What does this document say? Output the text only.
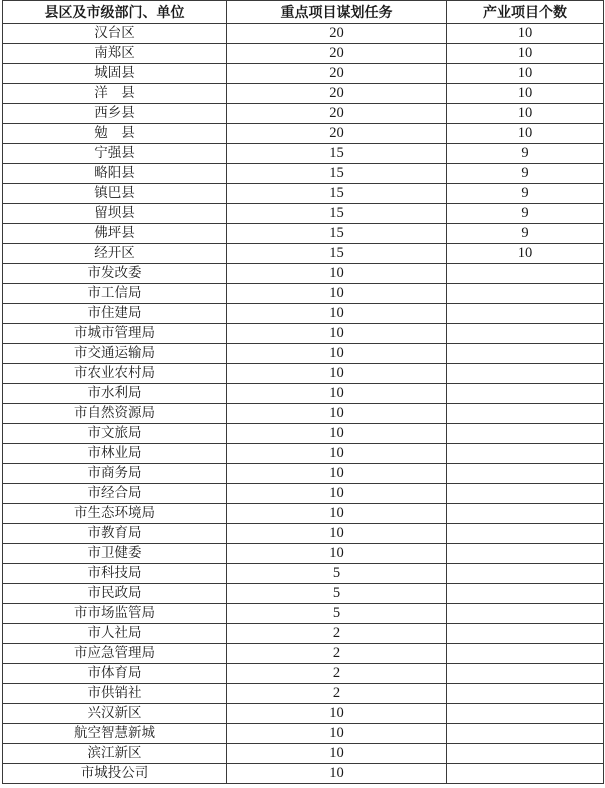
县区及市级部门、单位	重点项目谋划任务	产业项目个数
汉台区	20	10
南郑区	20	10
城固县	20	10
洋　县	20	10
西乡县	20	10
勉　县	20	10
宁强县	15	9
略阳县	15	9
镇巴县	15	9
留坝县	15	9
佛坪县	15	9
经开区	15	10
市发改委	10	
市工信局	10	
市住建局	10	
市城市管理局	10	
市交通运输局	10	
市农业农村局	10	
市水利局	10	
市自然资源局	10	
市文旅局	10	
市林业局	10	
市商务局	10	
市经合局	10	
市生态环境局	10	
市教育局	10	
市卫健委	10	
市科技局	5	
市民政局	5	
市市场监管局	5	
市人社局	2	
市应急管理局	2	
市体育局	2	
市供销社	2	
兴汉新区	10	
航空智慧新城	10	
滨江新区	10	
市城投公司	10	
